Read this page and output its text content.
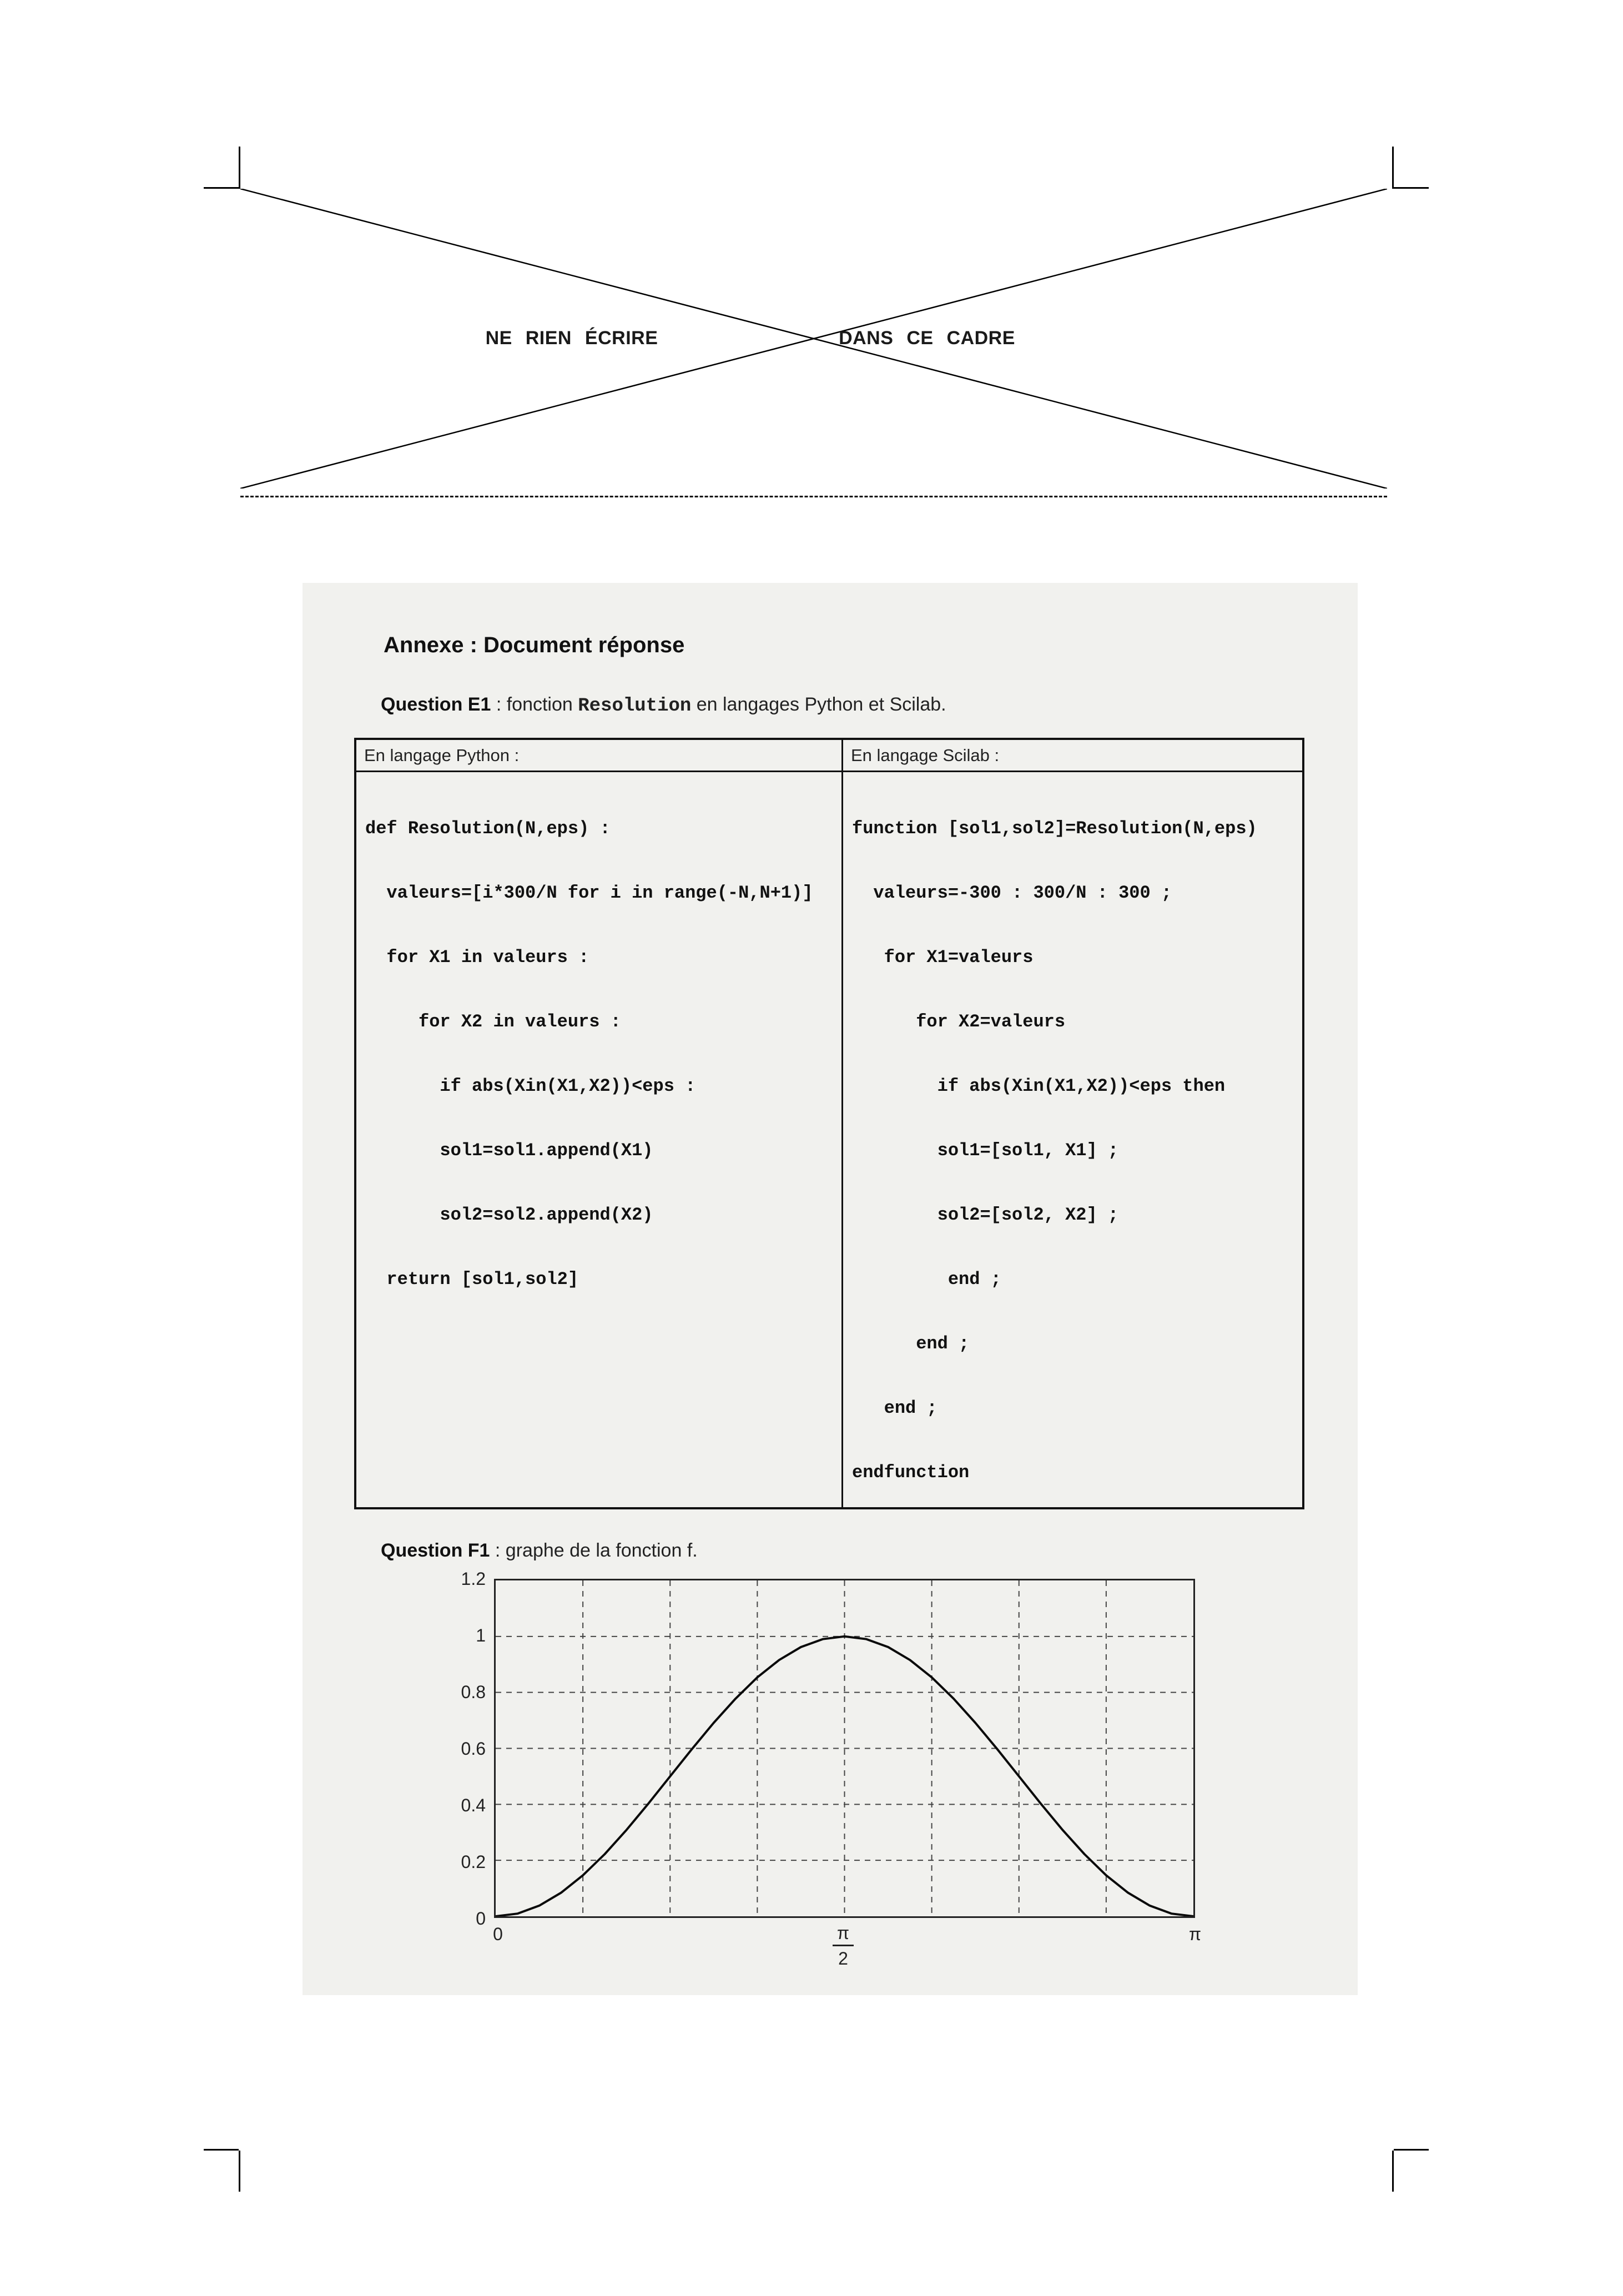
NE RIEN ÉCRIRE	DANS CE CADRE
Annexe : Document réponse
Question E1 : fonction Resolution en langages Python et Scilab.
En langage Python :
def Resolution(N,eps) :
valeurs=[i*300/N for i in range(-N,N+1)]
for X1 in valeurs :
for X2 in valeurs :
if abs(Xin(X1,X2))<eps :
sol1=sol1.append(X1)
sol2=sol2.append(X2)
return [sol1,sol2]
En langage Scilab :
function [sol1,sol2]=Resolution(N,eps)
valeurs=-300 : 300/N : 300 ;
for X1=valeurs
for X2=valeurs
if abs(Xin(X1,X2))<eps then
sol1=[sol1, X1] ;
sol2=[sol2, X2] ;
end ;
end ;
end ;
endfunction
Question F1 : graphe de la fonction f.
1.2
1
0.8
0.6
0.4
0.2
0
0	π
2
π
